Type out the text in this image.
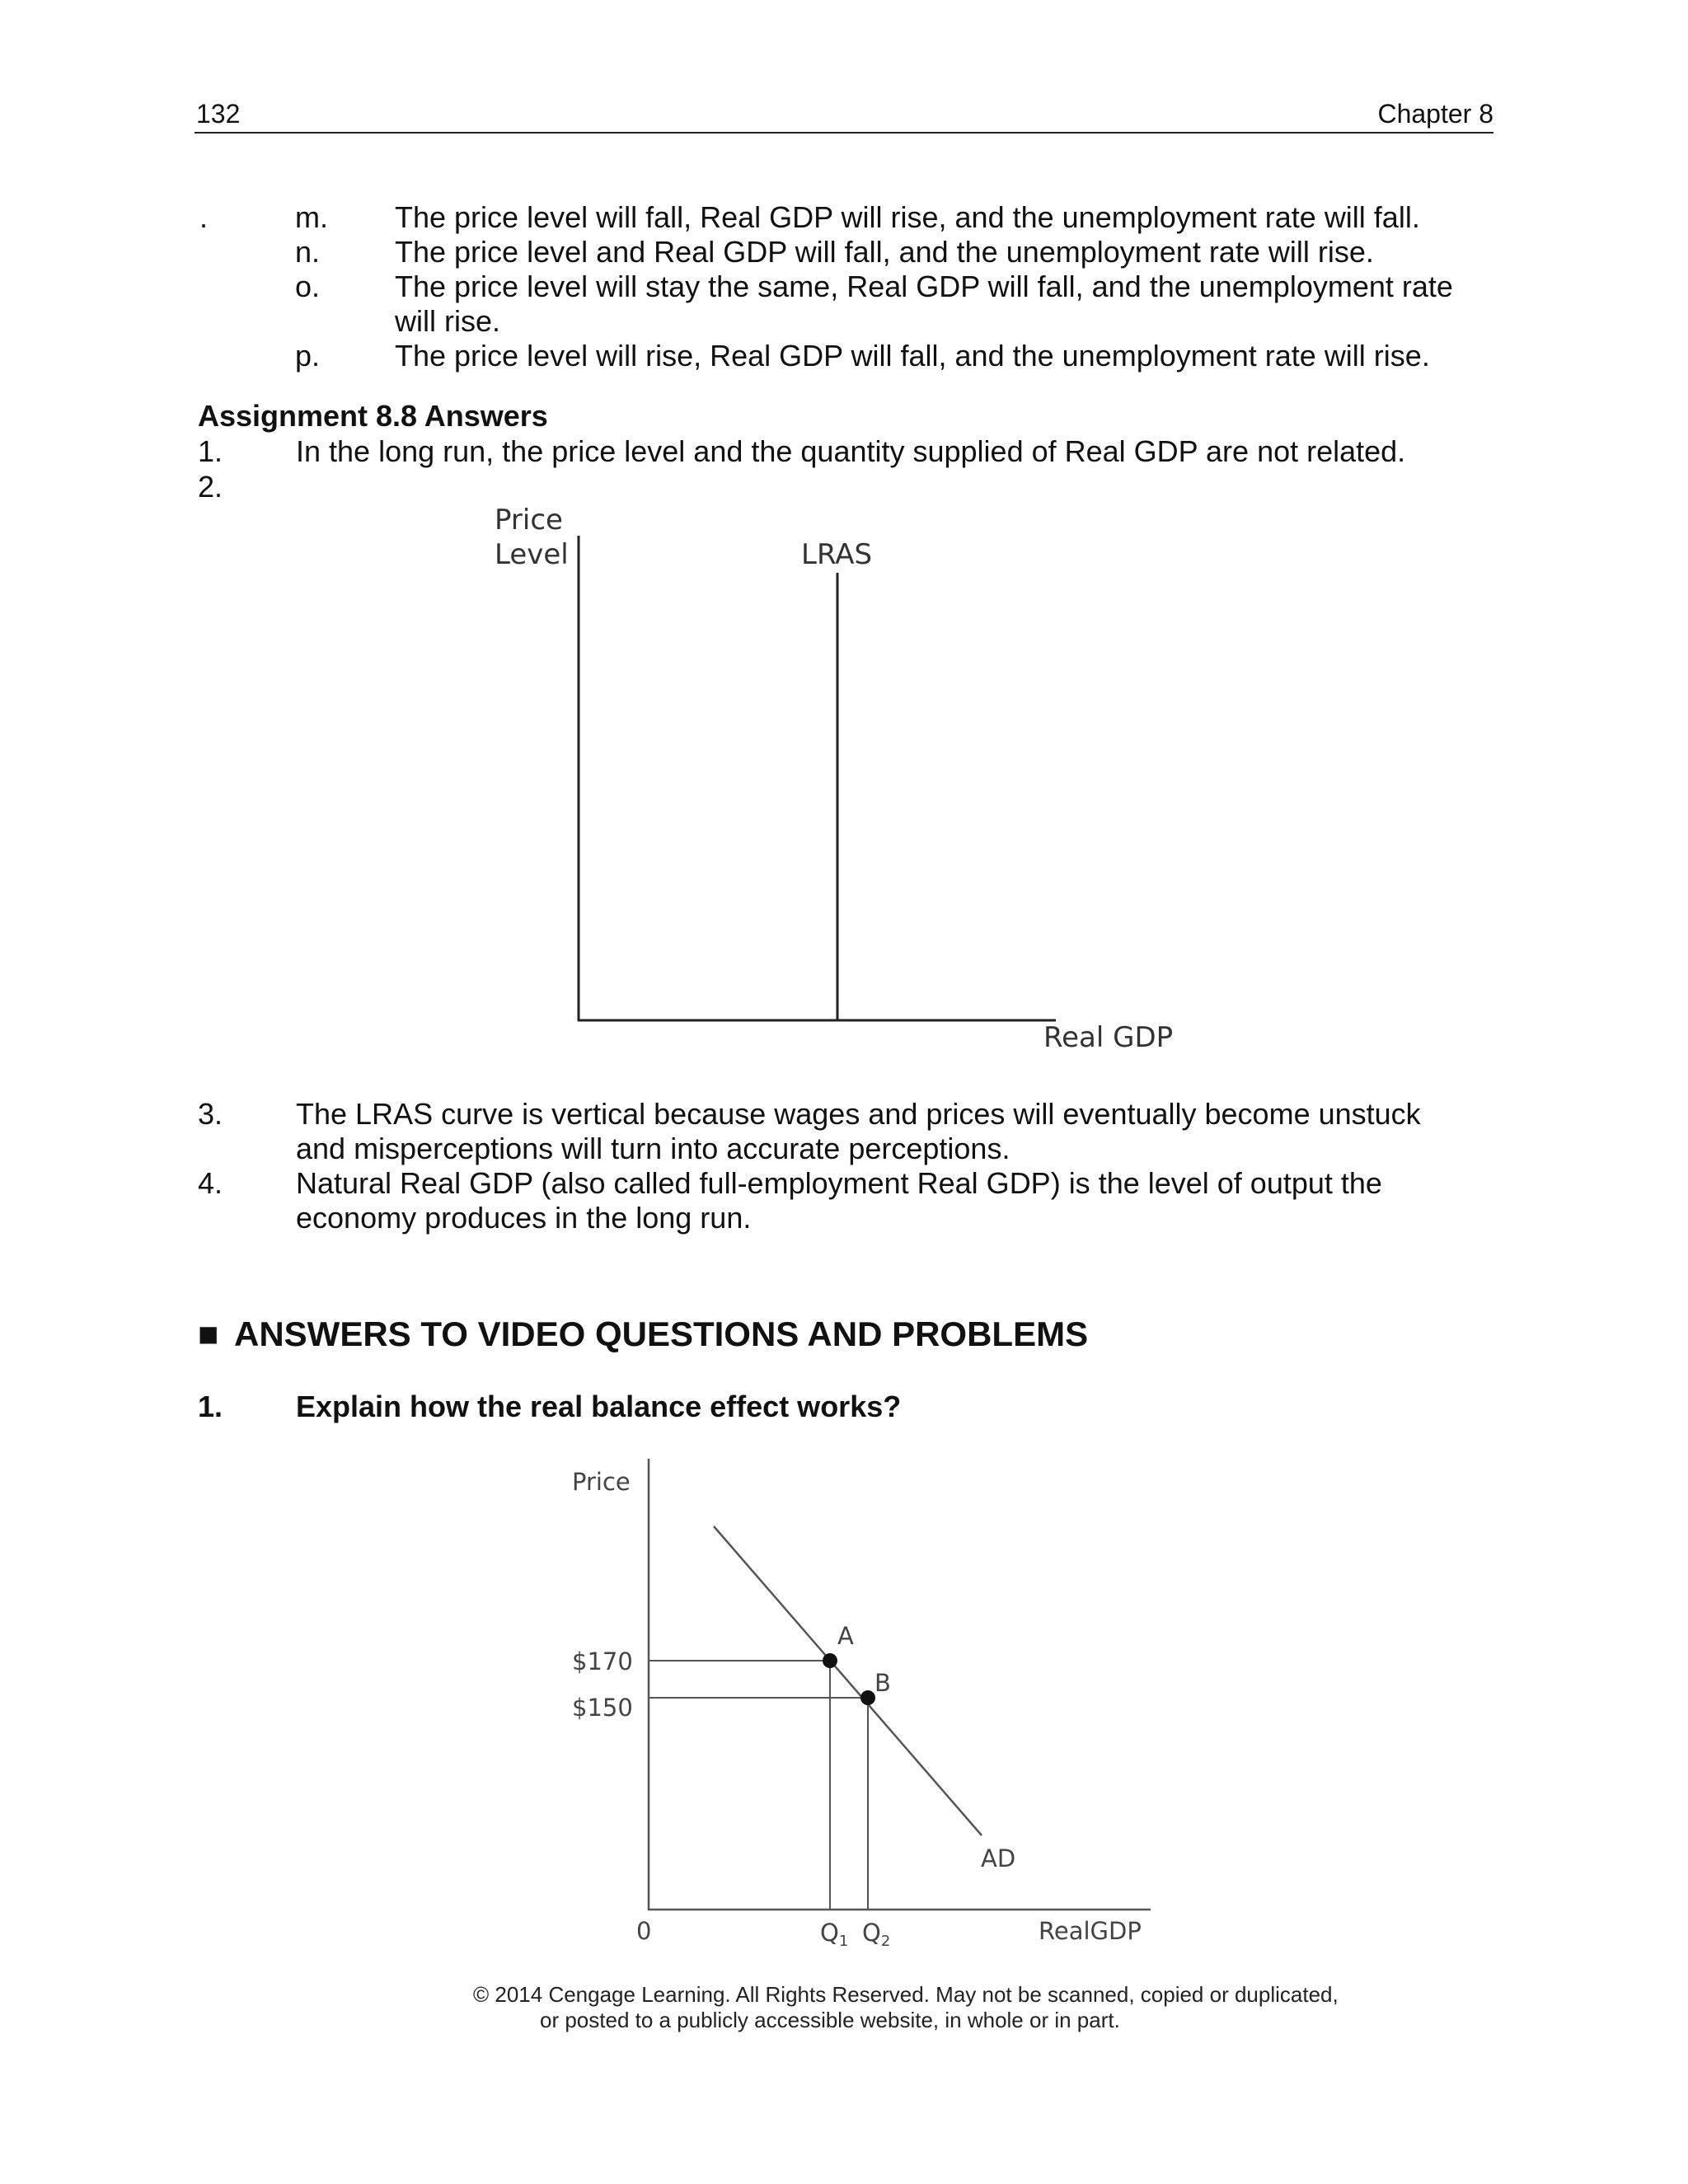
132	Chapter 8
.	m. The price level will fall, Real GDP will rise, and the unemployment rate will fall.
n.	The price level and Real GDP will fall, and the unemployment rate will rise.
o.	The price level will stay the same, Real GDP will fall, and the unemployment rate
will rise.
p.	The price level will rise, Real GDP will fall, and the unemployment rate will rise.
Assignment 8.8 Answers
1. In the long run, the price level and the quantity supplied of Real GDP are not related.
2.
Price
Level	LRAS
Real GDP
3. The LRAS curve is vertical because wages and prices will eventually become unstuck
and misperceptions will turn into accurate perceptions.
4. Natural Real GDP (also called full-employment Real GDP) is the level of output the
economy produces in the long run.
■ ANSWERS TO VIDEO QUESTIONS AND PROBLEMS
1. Explain how the real balance effect works?
Price
A
B
$170
$150
AD
0	$Q_1$ $Q_2$	RealGDP
© 2014 Cengage Learning. All Rights Reserved. May not be scanned, copied or duplicated,
or posted to a publicly accessible website, in whole or in part.
